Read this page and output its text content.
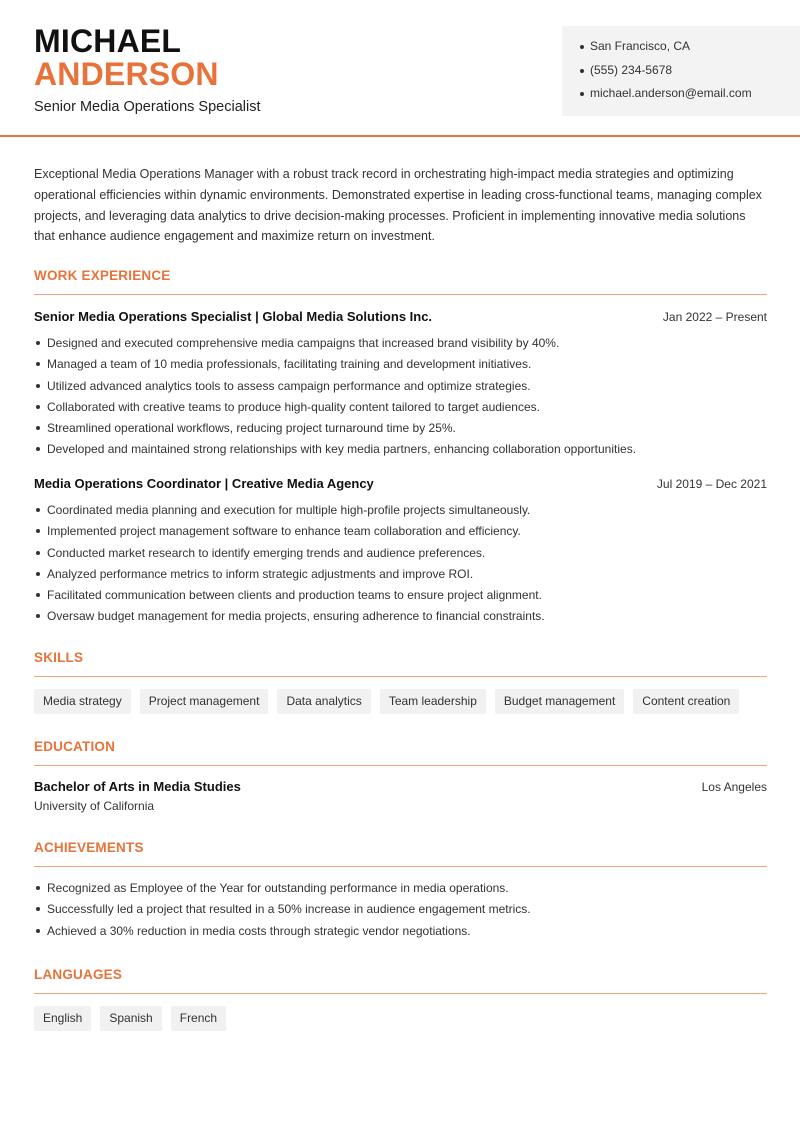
MICHAEL
ANDERSON
Senior Media Operations Specialist
San Francisco, CA
(555) 234-5678
michael.anderson@email.com

Exceptional Media Operations Manager with a robust track record in orchestrating high-impact media strategies and optimizing operational efficiencies within dynamic environments. Demonstrated expertise in leading cross-functional teams, managing complex projects, and leveraging data analytics to drive decision-making processes. Proficient in implementing innovative media solutions that enhance audience engagement and maximize return on investment.

WORK EXPERIENCE
Senior Media Operations Specialist | Global Media Solutions Inc.	Jan 2022 – Present
Designed and executed comprehensive media campaigns that increased brand visibility by 40%.
Managed a team of 10 media professionals, facilitating training and development initiatives.
Utilized advanced analytics tools to assess campaign performance and optimize strategies.
Collaborated with creative teams to produce high-quality content tailored to target audiences.
Streamlined operational workflows, reducing project turnaround time by 25%.
Developed and maintained strong relationships with key media partners, enhancing collaboration opportunities.
Media Operations Coordinator | Creative Media Agency	Jul 2019 – Dec 2021
Coordinated media planning and execution for multiple high-profile projects simultaneously.
Implemented project management software to enhance team collaboration and efficiency.
Conducted market research to identify emerging trends and audience preferences.
Analyzed performance metrics to inform strategic adjustments and improve ROI.
Facilitated communication between clients and production teams to ensure project alignment.
Oversaw budget management for media projects, ensuring adherence to financial constraints.
SKILLS
Media strategy	Project management	Data analytics	Team leadership	Budget management	Content creation
EDUCATION
Bachelor of Arts in Media Studies	Los Angeles
University of California
ACHIEVEMENTS
Recognized as Employee of the Year for outstanding performance in media operations.
Successfully led a project that resulted in a 50% increase in audience engagement metrics.
Achieved a 30% reduction in media costs through strategic vendor negotiations.
LANGUAGES
English	Spanish	French
